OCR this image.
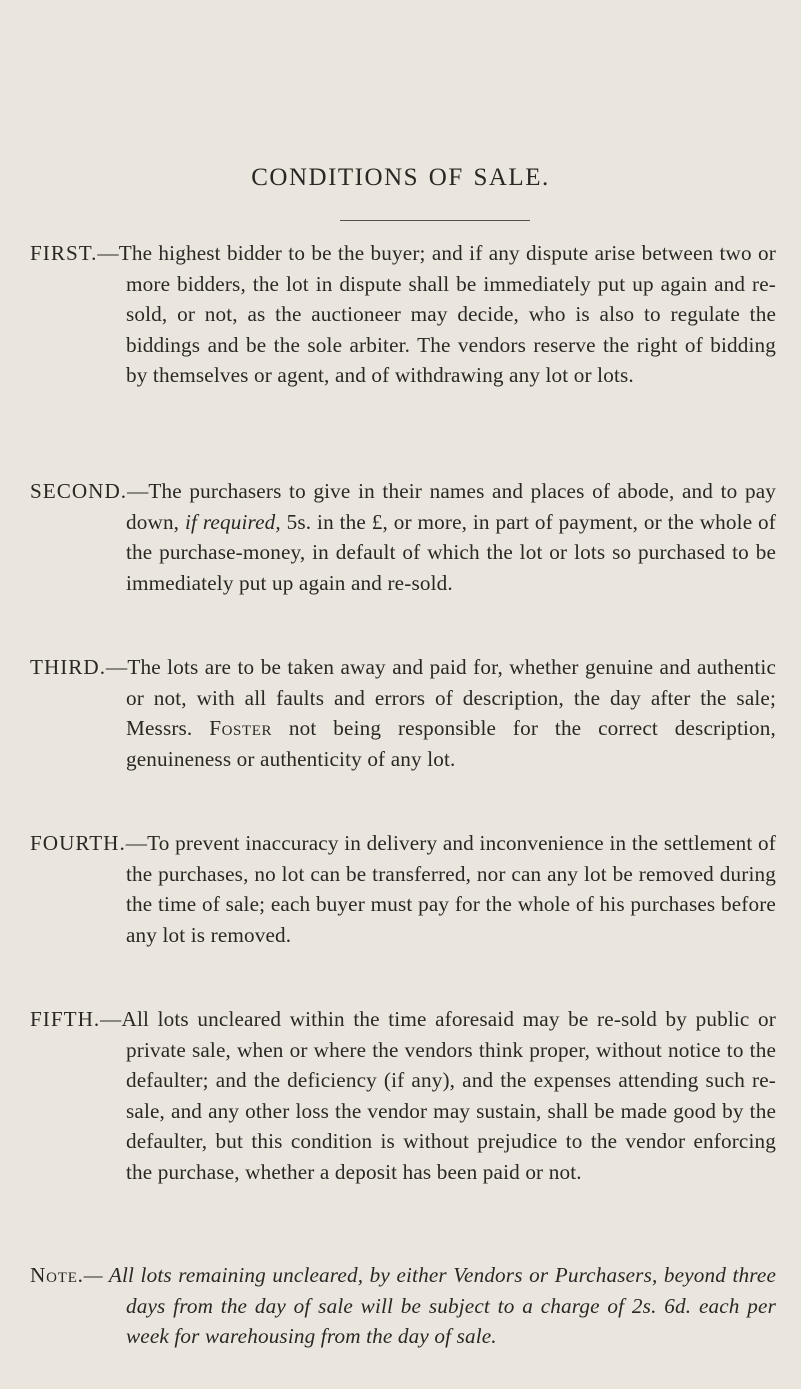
CONDITIONS OF SALE.

FIRST.—The highest bidder to be the buyer; and if any dispute arise between two or more bidders, the lot in dispute shall be immediately put up again and re-sold, or not, as the auctioneer may decide, who is also to regulate the biddings and be the sole arbiter. The vendors reserve the right of bidding by themselves or agent, and of withdrawing any lot or lots.

SECOND.—The purchasers to give in their names and places of abode, and to pay down, if required, 5s. in the £, or more, in part of payment, or the whole of the purchase-money, in default of which the lot or lots so purchased to be immediately put up again and re-sold.

THIRD.—The lots are to be taken away and paid for, whether genuine and authentic or not, with all faults and errors of description, the day after the sale; Messrs. Foster not being responsible for the correct description, genuineness or authenticity of any lot.

FOURTH.—To prevent inaccuracy in delivery and inconvenience in the settlement of the purchases, no lot can be transferred, nor can any lot be removed during the time of sale; each buyer must pay for the whole of his purchases before any lot is removed.

FIFTH.—All lots uncleared within the time aforesaid may be re-sold by public or private sale, when or where the vendors think proper, without notice to the defaulter; and the deficiency (if any), and the expenses attending such re-sale, and any other loss the vendor may sustain, shall be made good by the defaulter, but this condition is without prejudice to the vendor enforcing the purchase, whether a deposit has been paid or not.

Note.— All lots remaining uncleared, by either Vendors or Purchasers, beyond three days from the day of sale will be subject to a charge of 2s. 6d. each per week for warehousing from the day of sale.
